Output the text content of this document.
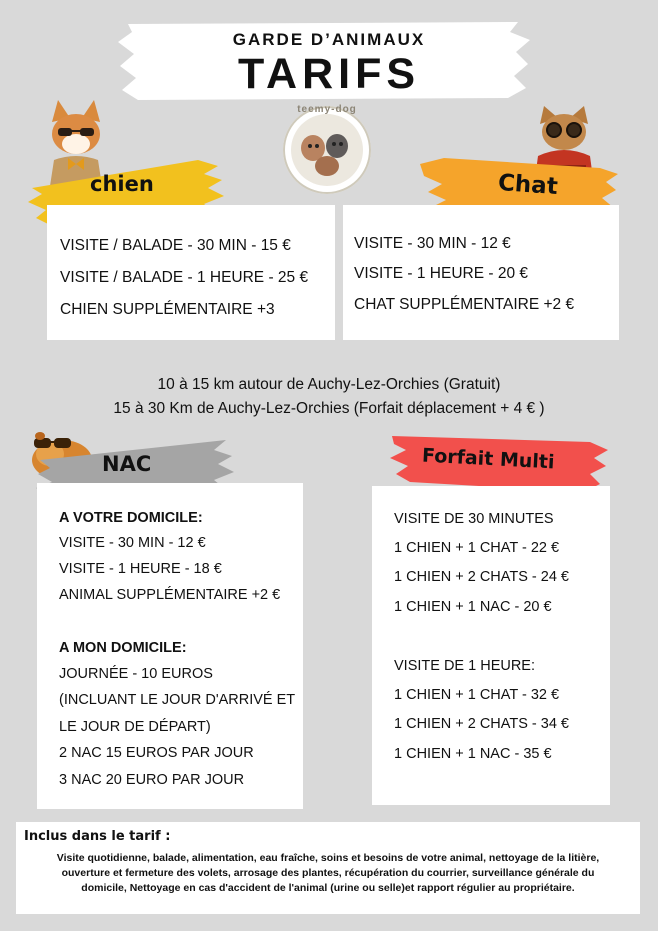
GARDE D’ANIMAUX
TARIFS
teemy-dog
chien
VISITE / BALADE - 30 MIN - 15 €
VISITE / BALADE - 1 HEURE - 25 €
CHIEN SUPPLÉMENTAIRE +3
Chat
VISITE - 30 MIN - 12 €
VISITE - 1 HEURE - 20 €
CHAT SUPPLÉMENTAIRE +2 €
10 à 15 km autour de Auchy-Lez-Orchies (Gratuit)
15 à 30 Km de Auchy-Lez-Orchies (Forfait déplacement + 4 € )
NAC
A VOTRE DOMICILE:
VISITE - 30 MIN - 12 €
VISITE - 1 HEURE - 18 €
ANIMAL SUPPLÉMENTAIRE +2 €
A MON DOMICILE:
JOURNÉE - 10 EUROS
(INCLUANT LE JOUR D'ARRIVÉ ET
LE JOUR DE DÉPART)
2 NAC 15 EUROS PAR JOUR
3 NAC 20 EURO PAR JOUR
Forfait Multi
VISITE DE 30 MINUTES
1 CHIEN + 1 CHAT - 22 €
1 CHIEN + 2 CHATS - 24 €
1 CHIEN + 1 NAC - 20 €
VISITE DE 1 HEURE:
1 CHIEN + 1 CHAT - 32 €
1 CHIEN + 2 CHATS - 34 €
1 CHIEN + 1 NAC - 35 €
Inclus dans le tarif :
Visite quotidienne, balade, alimentation, eau fraîche, soins et besoins de votre animal, nettoyage de la litière,
ouverture et fermeture des volets, arrosage des plantes, récupération du courrier, surveillance générale du
domicile, Nettoyage en cas d'accident de l'animal (urine ou selle)et rapport régulier au propriétaire.
